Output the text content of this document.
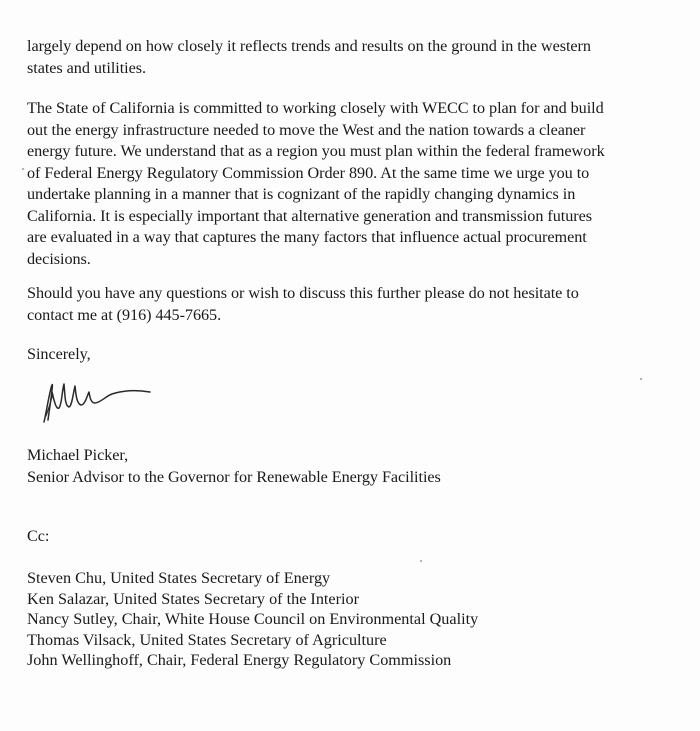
largely depend on how closely it reflects trends and results on the ground in the western
states and utilities.
The State of California is committed to working closely with WECC to plan for and build
out the energy infrastructure needed to move the West and the nation towards a cleaner
energy future. We understand that as a region you must plan within the federal framework
of Federal Energy Regulatory Commission Order 890. At the same time we urge you to
undertake planning in a manner that is cognizant of the rapidly changing dynamics in
California. It is especially important that alternative generation and transmission futures
are evaluated in a way that captures the many factors that influence actual procurement
decisions.
Should you have any questions or wish to discuss this further please do not hesitate to
contact me at (916) 445-7665.
Sincerely,
Michael Picker,
Senior Advisor to the Governor for Renewable Energy Facilities
Cc:
Steven Chu, United States Secretary of Energy
Ken Salazar, United States Secretary of the Interior
Nancy Sutley, Chair, White House Council on Environmental Quality
Thomas Vilsack, United States Secretary of Agriculture
John Wellinghoff, Chair, Federal Energy Regulatory Commission
